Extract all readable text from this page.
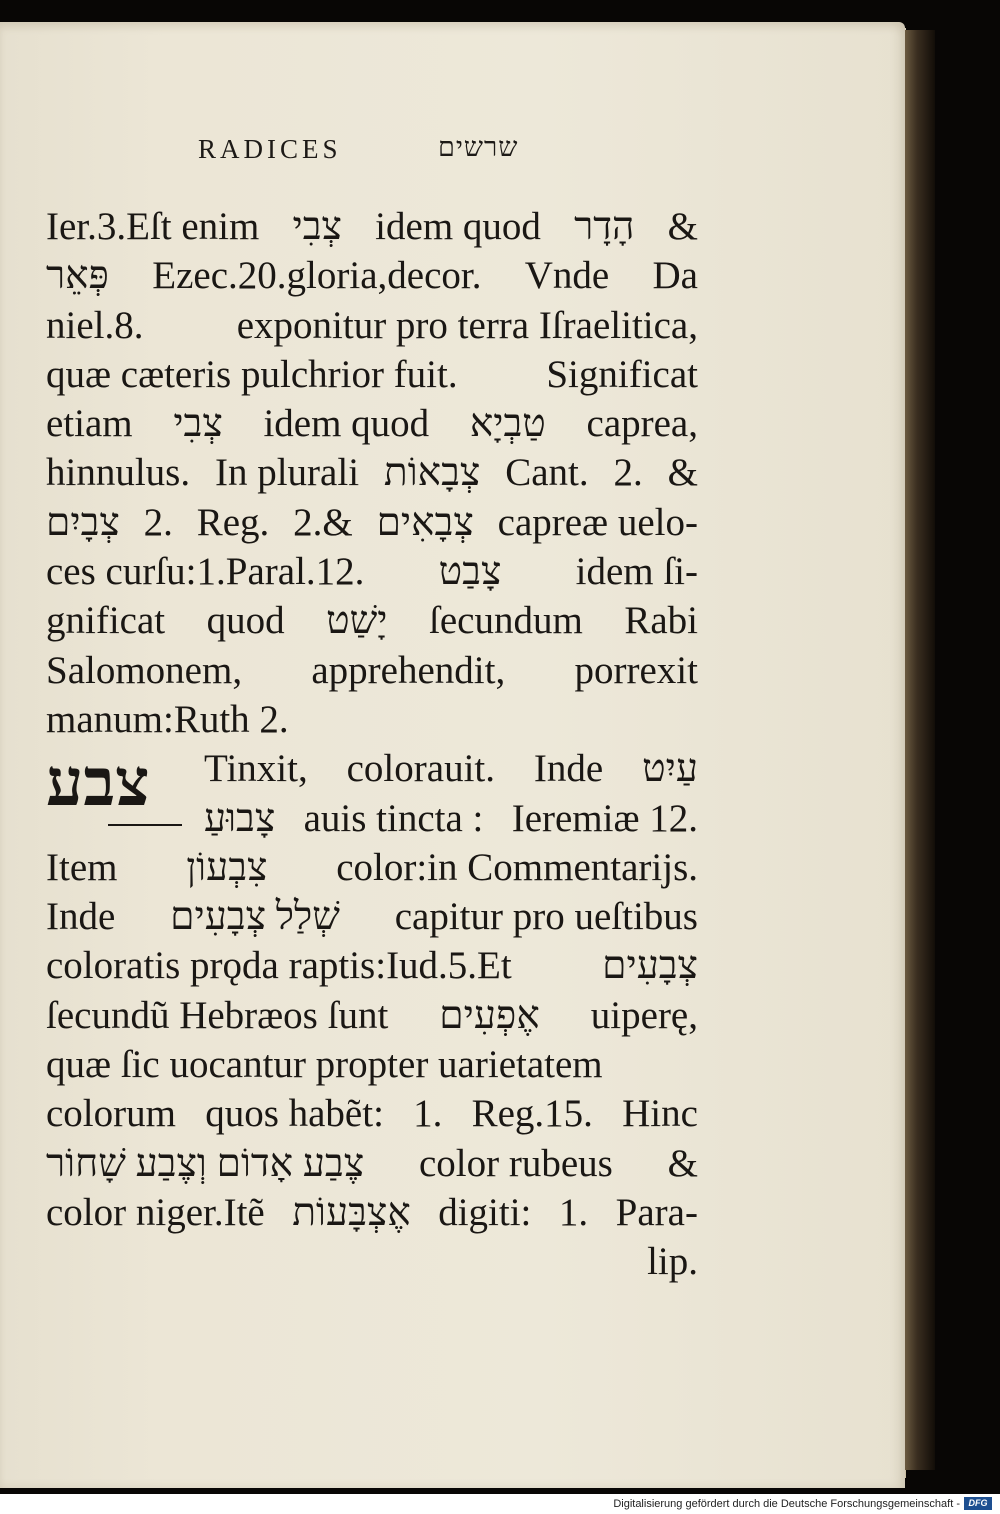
RADICES	שרשים
צבע
Ier.3.Eſt enim צְבִי idem quod הָדָר &
פְּאֵר Ezec.20.gloria,decor. Vnde Da
niel.8. exponitur pro terra Iſraelitica,
quæ cæteris pulchrior fuit. Significat
etiam צְבִי idem quod טַבְיָא caprea,
hinnulus. In plurali צְבָאוֹת Cant. 2. &
צְבָיִם 2. Reg. 2.& צְבָאִים capreæ uelo-
ces curſu:1.Paral.12. צָבַט idem ſi-
gnificat quod יָשַׁט ſecundum Rabi
Salomonem, apprehendit, porrexit
manum:Ruth 2.
Tinxit, colorauit. Inde עַיִט
צָבוּעַ auis tincta : Ieremiæ 12.
Item צִבְעוֹן color:in Commentarijs.
Inde שְׁלַל צְבָעִים capitur pro ueſtibus
coloratis prǫda raptis:Iud.5.Et צְבָעִים
ſecundũ Hebræos ſunt אֶפְעִים uiperę,
quæ ſic uocantur propter uarietatem
colorum quos habẽt: 1. Reg.15. Hinc
צֶבַע אָדוֹם וְצֶבַע שָׁחוֹר color rubeus &
color niger.Itẽ אֶצְבָּעוֹת digiti: 1. Para-
lip.
Digitalisierung gefördert durch die Deutsche Forschungsgemeinschaft - DFG
